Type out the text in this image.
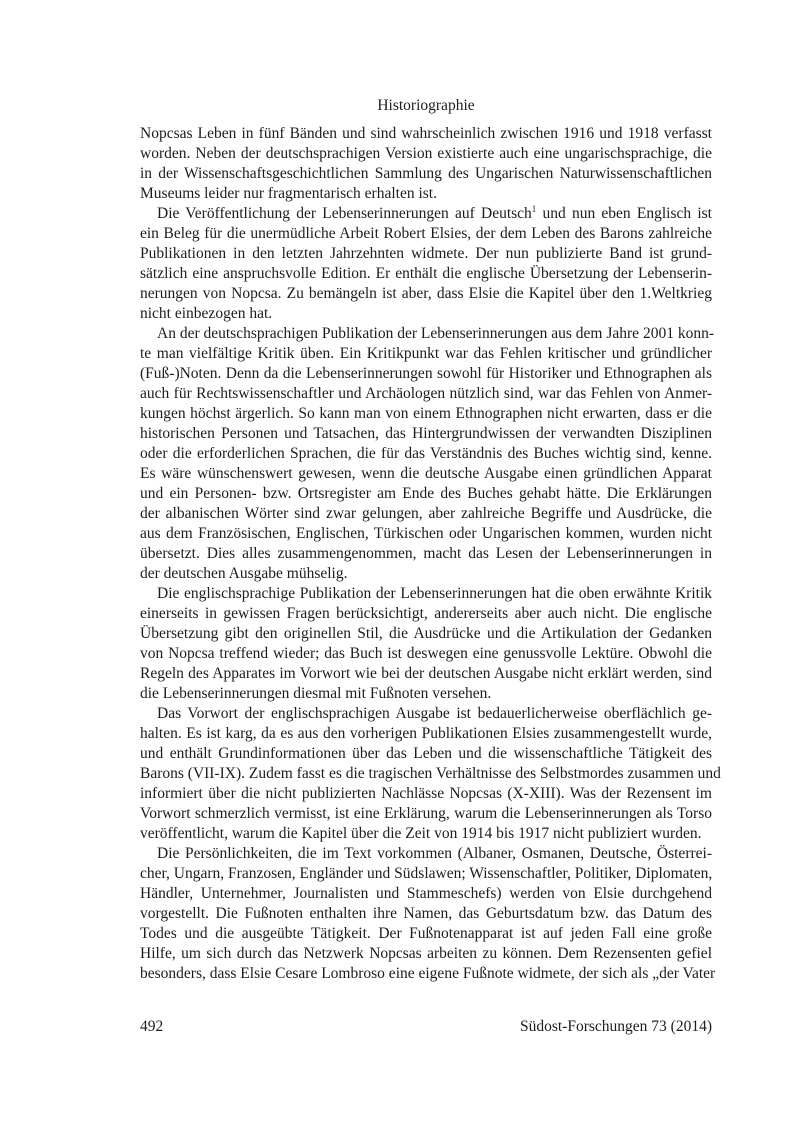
Historiographie
Nopcsas Leben in fünf Bänden und sind wahrscheinlich zwischen 1916 und 1918 verfasst
worden. Neben der deutschsprachigen Version existierte auch eine ungarischsprachige, die
in der Wissenschaftsgeschichtlichen Sammlung des Ungarischen Naturwissenschaftlichen
Museums leider nur fragmentarisch erhalten ist.
Die Veröffentlichung der Lebenserinnerungen auf Deutsch$^1$ und nun eben Englisch ist
ein Beleg für die unermüdliche Arbeit Robert Elsies, der dem Leben des Barons zahlreiche
Publikationen in den letzten Jahrzehnten widmete. Der nun publizierte Band ist grund-
sätzlich eine anspruchsvolle Edition. Er enthält die englische Übersetzung der Lebenserin-
nerungen von Nopcsa. Zu bemängeln ist aber, dass Elsie die Kapitel über den 1.Weltkrieg
nicht einbezogen hat.
An der deutschsprachigen Publikation der Lebenserinnerungen aus dem Jahre 2001 konn-
te man vielfältige Kritik üben. Ein Kritikpunkt war das Fehlen kritischer und gründlicher
(Fuß-)Noten. Denn da die Lebenserinnerungen sowohl für Historiker und Ethnographen als
auch für Rechtswissenschaftler und Archäologen nützlich sind, war das Fehlen von Anmer-
kungen höchst ärgerlich. So kann man von einem Ethnographen nicht erwarten, dass er die
historischen Personen und Tatsachen, das Hintergrundwissen der verwandten Disziplinen
oder die erforderlichen Sprachen, die für das Verständnis des Buches wichtig sind, kenne.
Es wäre wünschenswert gewesen, wenn die deutsche Ausgabe einen gründlichen Apparat
und ein Personen- bzw. Ortsregister am Ende des Buches gehabt hätte. Die Erklärungen
der albanischen Wörter sind zwar gelungen, aber zahlreiche Begriffe und Ausdrücke, die
aus dem Französischen, Englischen, Türkischen oder Ungarischen kommen, wurden nicht
übersetzt. Dies alles zusammengenommen, macht das Lesen der Lebenserinnerungen in
der deutschen Ausgabe mühselig.
Die englischsprachige Publikation der Lebenserinnerungen hat die oben erwähnte Kritik
einerseits in gewissen Fragen berücksichtigt, andererseits aber auch nicht. Die englische
Übersetzung gibt den originellen Stil, die Ausdrücke und die Artikulation der Gedanken
von Nopcsa treffend wieder; das Buch ist deswegen eine genussvolle Lektüre. Obwohl die
Regeln des Apparates im Vorwort wie bei der deutschen Ausgabe nicht erklärt werden, sind
die Lebenserinnerungen diesmal mit Fußnoten versehen.
Das Vorwort der englischsprachigen Ausgabe ist bedauerlicherweise oberflächlich ge-
halten. Es ist karg, da es aus den vorherigen Publikationen Elsies zusammengestellt wurde,
und enthält Grundinformationen über das Leben und die wissenschaftliche Tätigkeit des
Barons (VII-IX). Zudem fasst es die tragischen Verhältnisse des Selbstmordes zusammen und
informiert über die nicht publizierten Nachlässe Nopcsas (X-XIII). Was der Rezensent im
Vorwort schmerzlich vermisst, ist eine Erklärung, warum die Lebenserinnerungen als Torso
veröffentlicht, warum die Kapitel über die Zeit von 1914 bis 1917 nicht publiziert wurden.
Die Persönlichkeiten, die im Text vorkommen (Albaner, Osmanen, Deutsche, Österrei-
cher, Ungarn, Franzosen, Engländer und Südslawen; Wissenschaftler, Politiker, Diplomaten,
Händler, Unternehmer, Journalisten und Stammeschefs) werden von Elsie durchgehend
vorgestellt. Die Fußnoten enthalten ihre Namen, das Geburtsdatum bzw. das Datum des
Todes und die ausgeübte Tätigkeit. Der Fußnotenapparat ist auf jeden Fall eine große
Hilfe, um sich durch das Netzwerk Nopcsas arbeiten zu können. Dem Rezensenten gefiel
besonders, dass Elsie Cesare Lombroso eine eigene Fußnote widmete, der sich als „der Vater
492	Südost-Forschungen 73 (2014)
